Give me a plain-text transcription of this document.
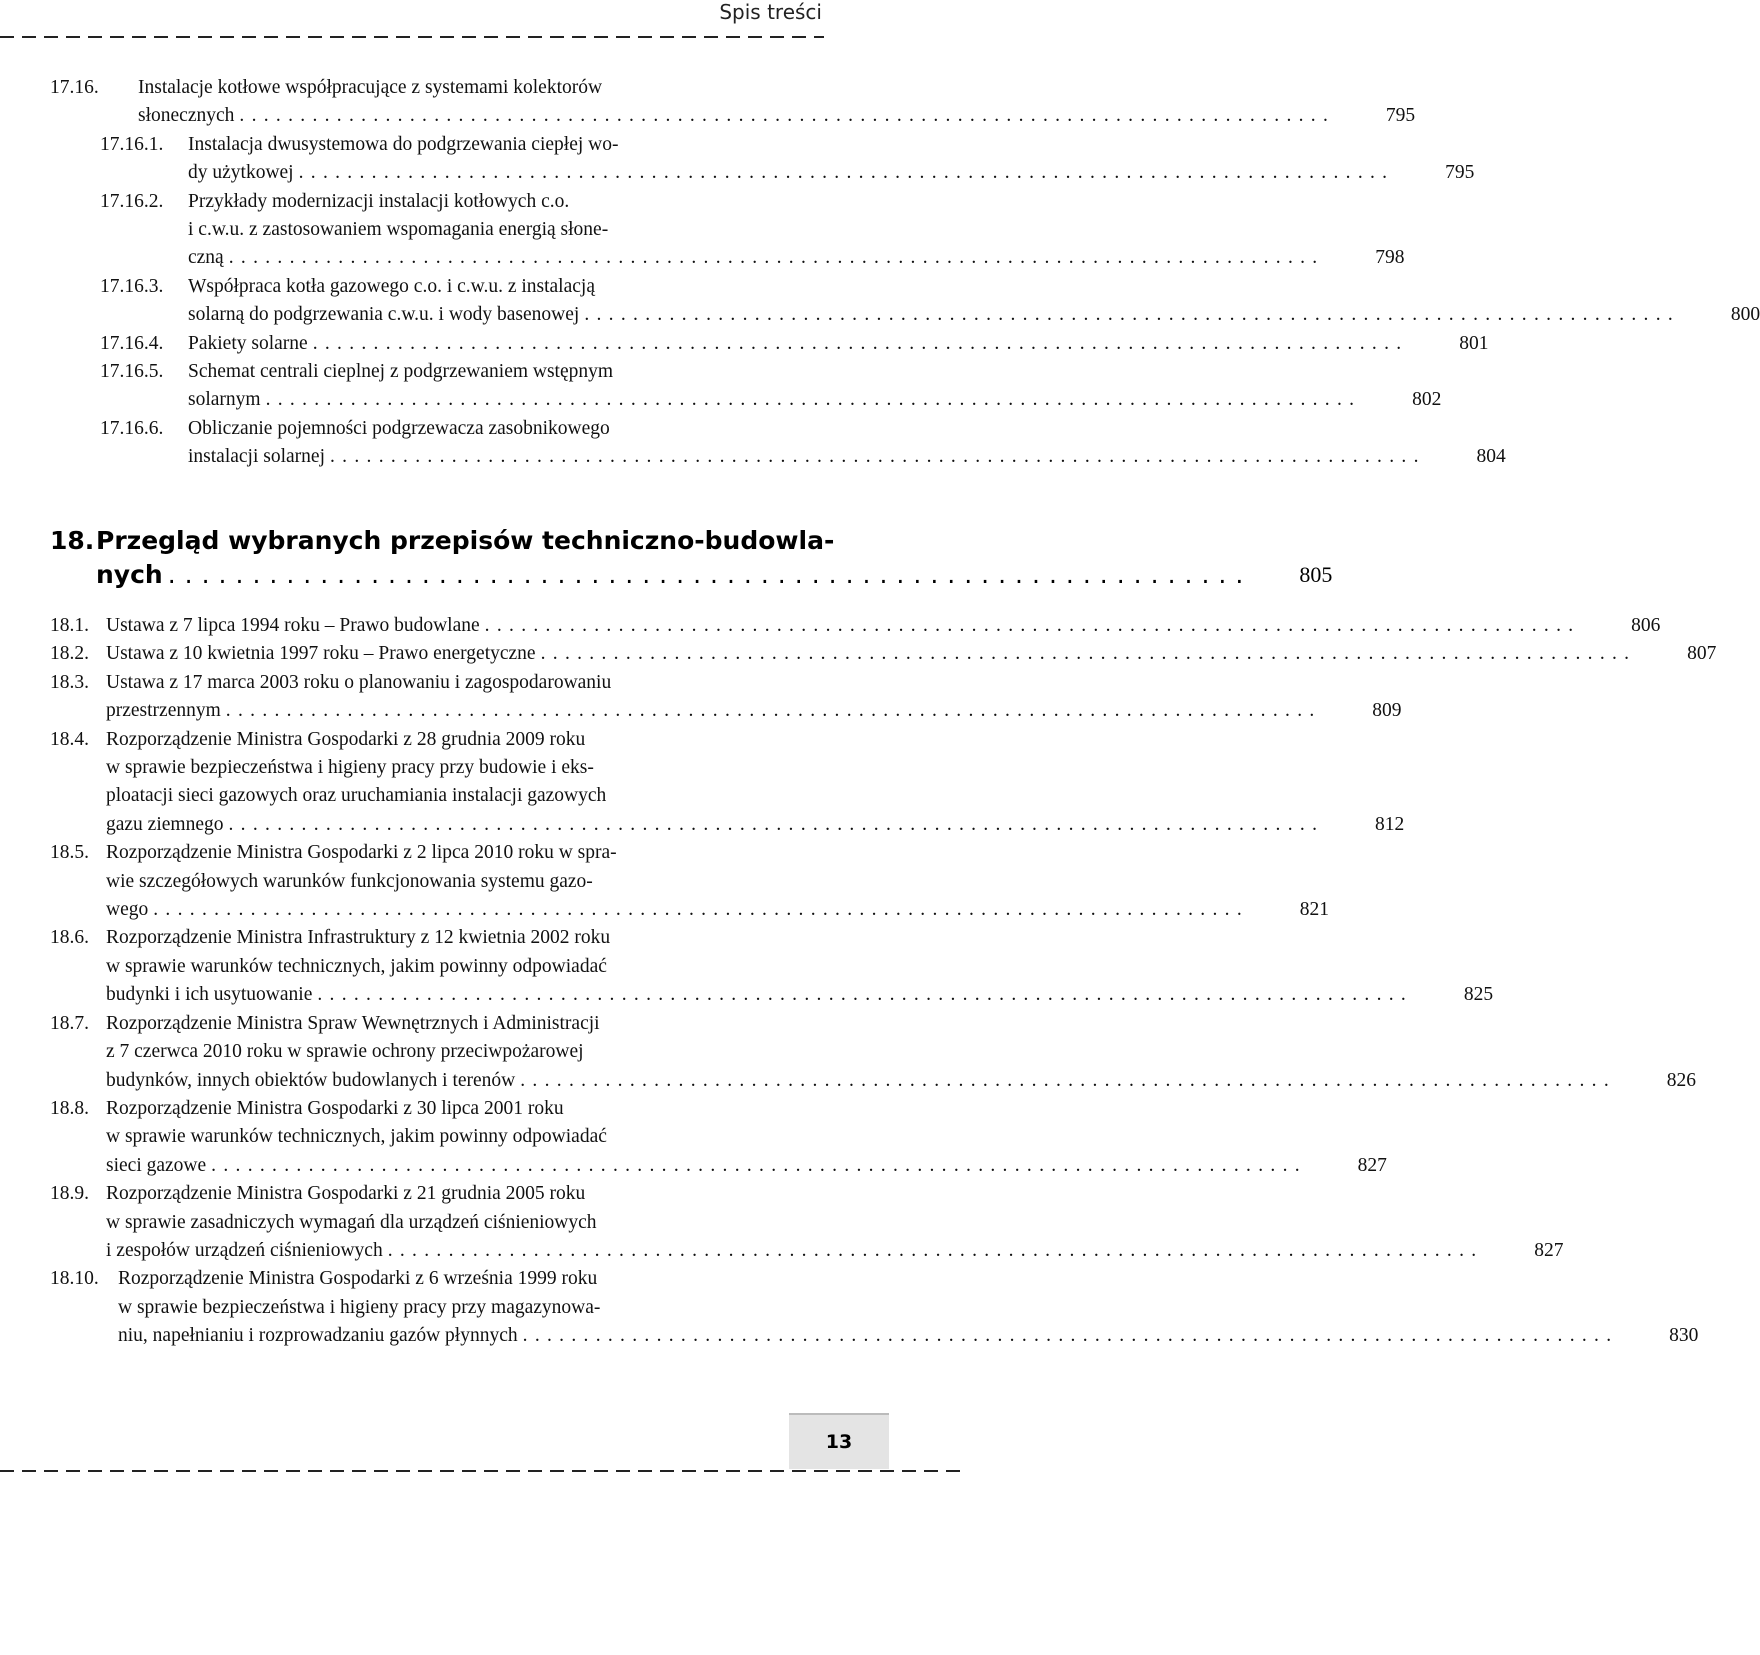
Spis treści
17.16.	Instalacje kotłowe współpracujące z systemami kolektorów
słonecznych ..........................................................................................	795
17.16.1.	Instalacja dwusystemowa do podgrzewania ciepłej wo-
dy użytkowej ..........................................................................................	795
17.16.2.	Przykłady modernizacji instalacji kotłowych c.o.
i c.w.u. z zastosowaniem wspomagania energią słone-
czną ..........................................................................................	798
17.16.3.	Współpraca kotła gazowego c.o. i c.w.u. z instalacją
solarną do podgrzewania c.w.u. i wody basenowej ..........................................................................................	800
17.16.4.	Pakiety solarne ..........................................................................................	801
17.16.5.	Schemat centrali cieplnej z podgrzewaniem wstępnym
solarnym ..........................................................................................	802
17.16.6.	Obliczanie pojemności podgrzewacza zasobnikowego
instalacji solarnej ..........................................................................................	804
18. Przegląd wybranych przepisów techniczno-budowla-
nych ................................................................	805
18.1. Ustawa z 7 lipca 1994 roku – Prawo budowlane ..........................................................................................	806
18.2. Ustawa z 10 kwietnia 1997 roku – Prawo energetyczne ..........................................................................................	807
18.3. Ustawa z 17 marca 2003 roku o planowaniu i zagospodarowaniu
przestrzennym ..........................................................................................	809
18.4. Rozporządzenie Ministra Gospodarki z 28 grudnia 2009 roku
w sprawie bezpieczeństwa i higieny pracy przy budowie i eks-
ploatacji sieci gazowych oraz uruchamiania instalacji gazowych
gazu ziemnego ..........................................................................................	812
18.5. Rozporządzenie Ministra Gospodarki z 2 lipca 2010 roku w spra-
wie szczegółowych warunków funkcjonowania systemu gazo-
wego ..........................................................................................	821
18.6. Rozporządzenie Ministra Infrastruktury z 12 kwietnia 2002 roku
w sprawie warunków technicznych, jakim powinny odpowiadać
budynki i ich usytuowanie ..........................................................................................	825
18.7. Rozporządzenie Ministra Spraw Wewnętrznych i Administracji
z 7 czerwca 2010 roku w sprawie ochrony przeciwpożarowej
budynków, innych obiektów budowlanych i terenów ..........................................................................................	826
18.8. Rozporządzenie Ministra Gospodarki z 30 lipca 2001 roku
w sprawie warunków technicznych, jakim powinny odpowiadać
sieci gazowe ..........................................................................................	827
18.9. Rozporządzenie Ministra Gospodarki z 21 grudnia 2005 roku
w sprawie zasadniczych wymagań dla urządzeń ciśnieniowych
i zespołów urządzeń ciśnieniowych ..........................................................................................	827
18.10. Rozporządzenie Ministra Gospodarki z 6 września 1999 roku
w sprawie bezpieczeństwa i higieny pracy przy magazynowa-
niu, napełnianiu i rozprowadzaniu gazów płynnych ..........................................................................................	830
13
